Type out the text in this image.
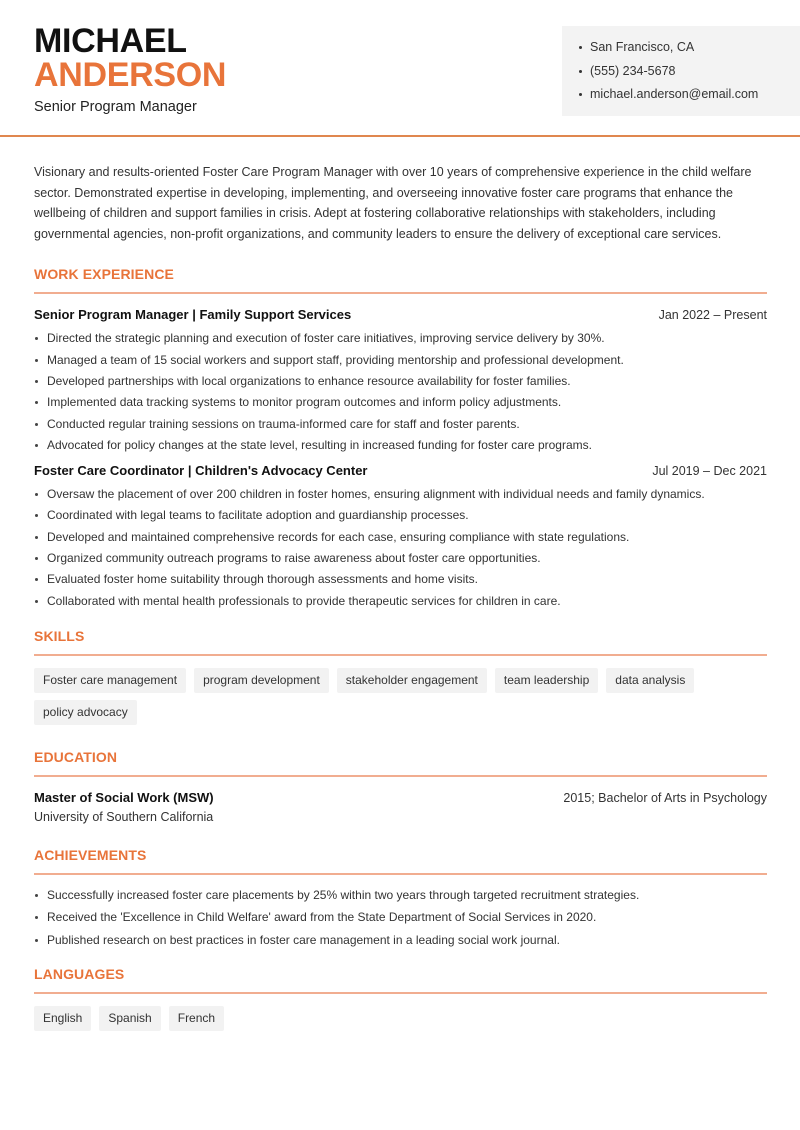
MICHAEL
ANDERSON
Senior Program Manager
San Francisco, CA
(555) 234-5678
michael.anderson@email.com

Visionary and results-oriented Foster Care Program Manager with over 10 years of comprehensive experience in the child welfare sector. Demonstrated expertise in developing, implementing, and overseeing innovative foster care programs that enhance the wellbeing of children and support families in crisis. Adept at fostering collaborative relationships with stakeholders, including governmental agencies, non-profit organizations, and community leaders to ensure the delivery of exceptional care services.

WORK EXPERIENCE
Senior Program Manager | Family Support Services	Jan 2022 – Present
Directed the strategic planning and execution of foster care initiatives, improving service delivery by 30%.
Managed a team of 15 social workers and support staff, providing mentorship and professional development.
Developed partnerships with local organizations to enhance resource availability for foster families.
Implemented data tracking systems to monitor program outcomes and inform policy adjustments.
Conducted regular training sessions on trauma-informed care for staff and foster parents.
Advocated for policy changes at the state level, resulting in increased funding for foster care programs.
Foster Care Coordinator | Children's Advocacy Center	Jul 2019 – Dec 2021
Oversaw the placement of over 200 children in foster homes, ensuring alignment with individual needs and family dynamics.
Coordinated with legal teams to facilitate adoption and guardianship processes.
Developed and maintained comprehensive records for each case, ensuring compliance with state regulations.
Organized community outreach programs to raise awareness about foster care opportunities.
Evaluated foster home suitability through thorough assessments and home visits.
Collaborated with mental health professionals to provide therapeutic services for children in care.
SKILLS
Foster care management	program development	stakeholder engagement	team leadership	data analysis
policy advocacy
EDUCATION
Master of Social Work (MSW)	2015; Bachelor of Arts in Psychology
University of Southern California
ACHIEVEMENTS
Successfully increased foster care placements by 25% within two years through targeted recruitment strategies.
Received the 'Excellence in Child Welfare' award from the State Department of Social Services in 2020.
Published research on best practices in foster care management in a leading social work journal.
LANGUAGES
English	Spanish	French
